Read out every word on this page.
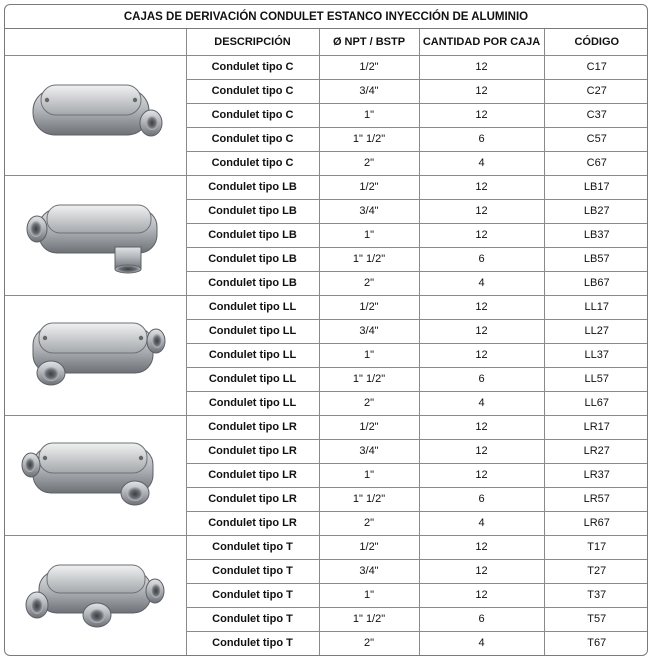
CAJAS DE DERIVACIÓN CONDULET ESTANCO INYECCIÓN DE ALUMINIO
	DESCRIPCIÓN	Ø NPT / BSTP	CANTIDAD POR CAJA	CÓDIGO

	Condulet tipo C	1/2"	12	C17
	Condulet tipo C	3/4"	12	C27
	Condulet tipo C	1"	12	C37
	Condulet tipo C	1" 1/2"	6	C57
	Condulet tipo C	2"	4	C67

	Condulet tipo LB	1/2"	12	LB17
	Condulet tipo LB	3/4"	12	LB27
	Condulet tipo LB	1"	12	LB37
	Condulet tipo LB	1" 1/2"	6	LB57
	Condulet tipo LB	2"	4	LB67

	Condulet tipo LL	1/2"	12	LL17
	Condulet tipo LL	3/4"	12	LL27
	Condulet tipo LL	1"	12	LL37
	Condulet tipo LL	1" 1/2"	6	LL57
	Condulet tipo LL	2"	4	LL67

	Condulet tipo LR	1/2"	12	LR17
	Condulet tipo LR	3/4"	12	LR27
	Condulet tipo LR	1"	12	LR37
	Condulet tipo LR	1" 1/2"	6	LR57
	Condulet tipo LR	2"	4	LR67

	Condulet tipo T	1/2"	12	T17
	Condulet tipo T	3/4"	12	T27
	Condulet tipo T	1"	12	T37
	Condulet tipo T	1" 1/2"	6	T57
	Condulet tipo T	2"	4	T67
